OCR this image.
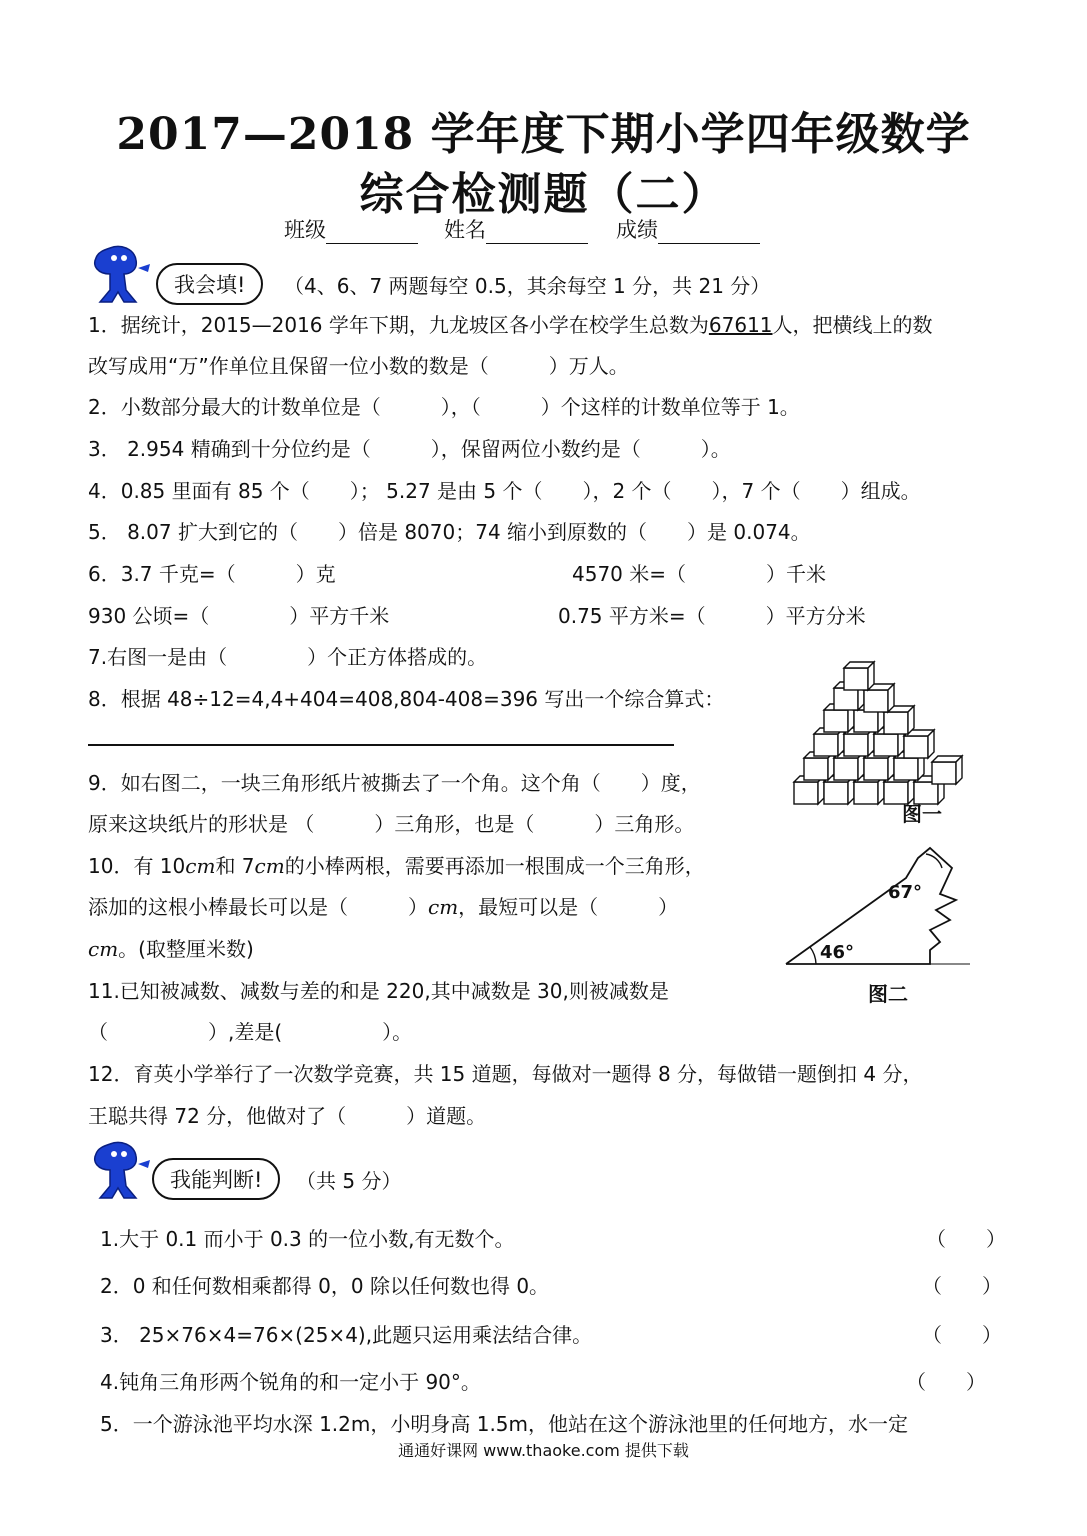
2017—2018 学年度下期小学四年级数学
综合检测题（二）
班级	姓名	成绩
我会填!	（4、6、7 两题每空 0.5，其余每空 1 分，共 21 分）
1．据统计，2015—2016 学年下期，九龙坡区各小学在校学生总数为67611人，把横线上的数
改写成用“万”作单位且保留一位小数的数是（　　　）万人。
2．小数部分最大的计数单位是（　　　），（　　　）个这样的计数单位等于 1。
3． 2.954 精确到十分位约是（　　　），保留两位小数约是（　　　）。
4．0.85 里面有 85 个（　　）； 5.27 是由 5 个（　　），2 个（　　），7 个（　　）组成。
5． 8.07 扩大到它的（　　）倍是 8070；74 缩小到原数的（　　）是 0.074。
6．3.7 千克=（　　　）克	4570 米=（　　　　）千米
930 公顷=（　　　　）平方千米	0.75 平方米=（　　　）平方分米
7.右图一是由（　　　　）个正方体搭成的。
8．根据 48÷12=4,4+404=408,804-408=396 写出一个综合算式：
9．如右图二，一块三角形纸片被撕去了一个角。这个角（　　）度，
原来这块纸片的形状是 （　　　）三角形，也是（　　　）三角形。
10．有 10cm和 7cm的小棒两根，需要再添加一根围成一个三角形，
添加的这根小棒最长可以是（　　　）cm，最短可以是（　　　）
cm。(取整厘米数)
11.已知被减数、减数与差的和是 220,其中减数是 30,则被减数是
（　　　　　）,差是(　　　　　）。
12．育英小学举行了一次数学竞赛，共 15 道题，每做对一题得 8 分，每做错一题倒扣 4 分，
王聪共得 72 分，他做对了（　　　）道题。
图一
46°
67°
图二
我能判断!	（共 5 分）
1.大于 0.1 而小于 0.3 的一位小数,有无数个。	（　　）
2．0 和任何数相乘都得 0，0 除以任何数也得 0。	（　　）
3． 25×76×4=76×(25×4),此题只运用乘法结合律。	（　　）
4.钝角三角形两个锐角的和一定小于 90°。	（　　）
5．一个游泳池平均水深 1.2m，小明身高 1.5m，他站在这个游泳池里的任何地方，水一定
通通好课网 www.thaoke.com 提供下载
